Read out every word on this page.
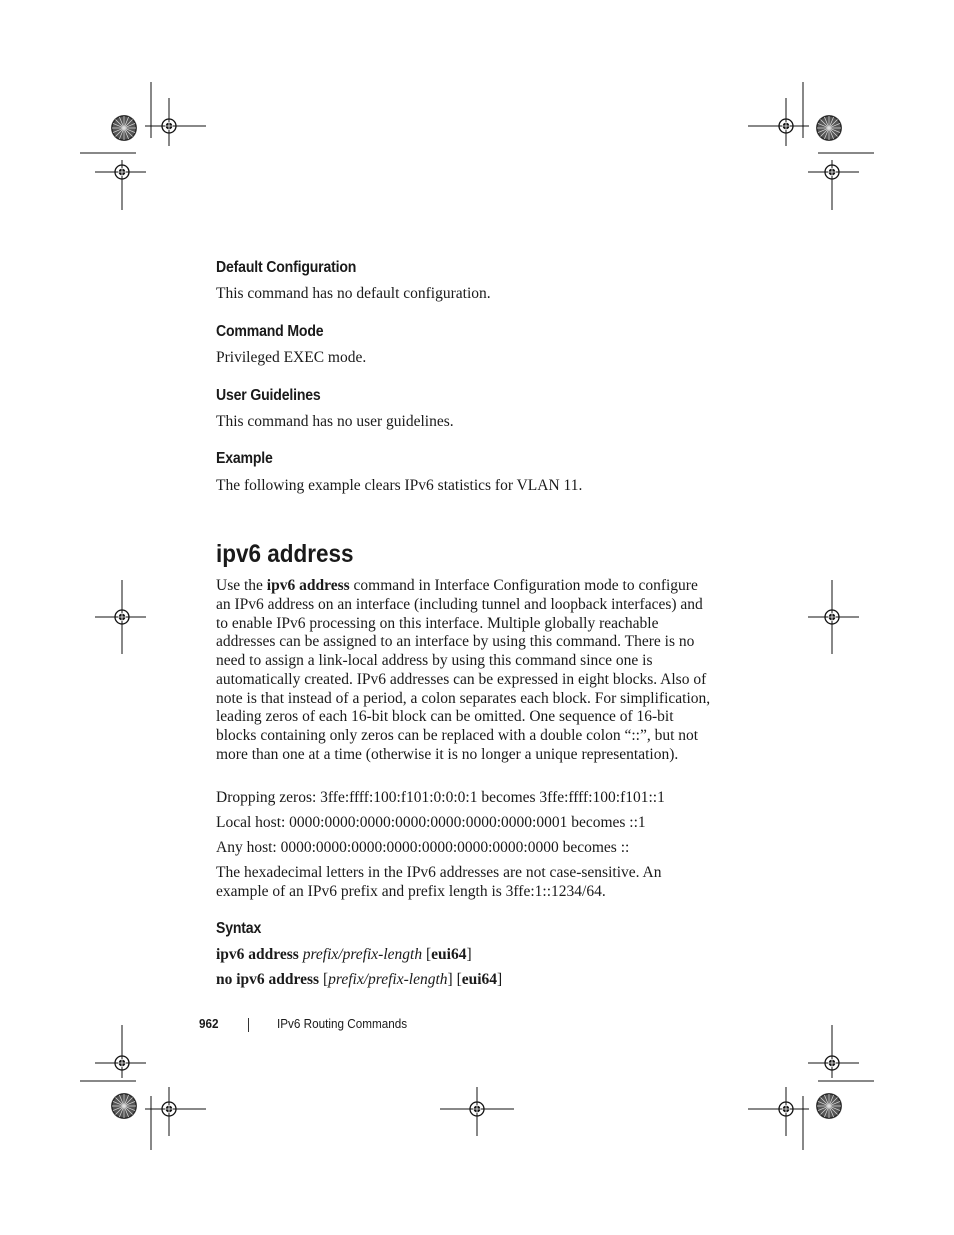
Default Configuration

This command has no default configuration.

Command Mode

Privileged EXEC mode.

User Guidelines

This command has no user guidelines.

Example

The following example clears IPv6 statistics for VLAN 11.

ipv6 address

Use the ipv6 address command in Interface Configuration mode to configure an IPv6 address on an interface (including tunnel and loopback interfaces) and to enable IPv6 processing on this interface. Multiple globally reachable addresses can be assigned to an interface by using this command. There is no need to assign a link-local address by using this command since one is automatically created. IPv6 addresses can be expressed in eight blocks. Also of note is that instead of a period, a colon separates each block. For simplification, leading zeros of each 16-bit block can be omitted. One sequence of 16-bit blocks containing only zeros can be replaced with a double colon “::”, but not more than one at a time (otherwise it is no longer a unique representation).

Dropping zeros: 3ffe:ffff:100:f101:0:0:0:1 becomes 3ffe:ffff:100:f101::1

Local host: 0000:0000:0000:0000:0000:0000:0000:0001 becomes ::1

Any host: 0000:0000:0000:0000:0000:0000:0000:0000 becomes ::

The hexadecimal letters in the IPv6 addresses are not case-sensitive. An example of an IPv6 prefix and prefix length is 3ffe:1::1234/64.

Syntax

ipv6 address prefix/prefix-length [eui64]

no ipv6 address [prefix/prefix-length] [eui64]

962	IPv6 Routing Commands
